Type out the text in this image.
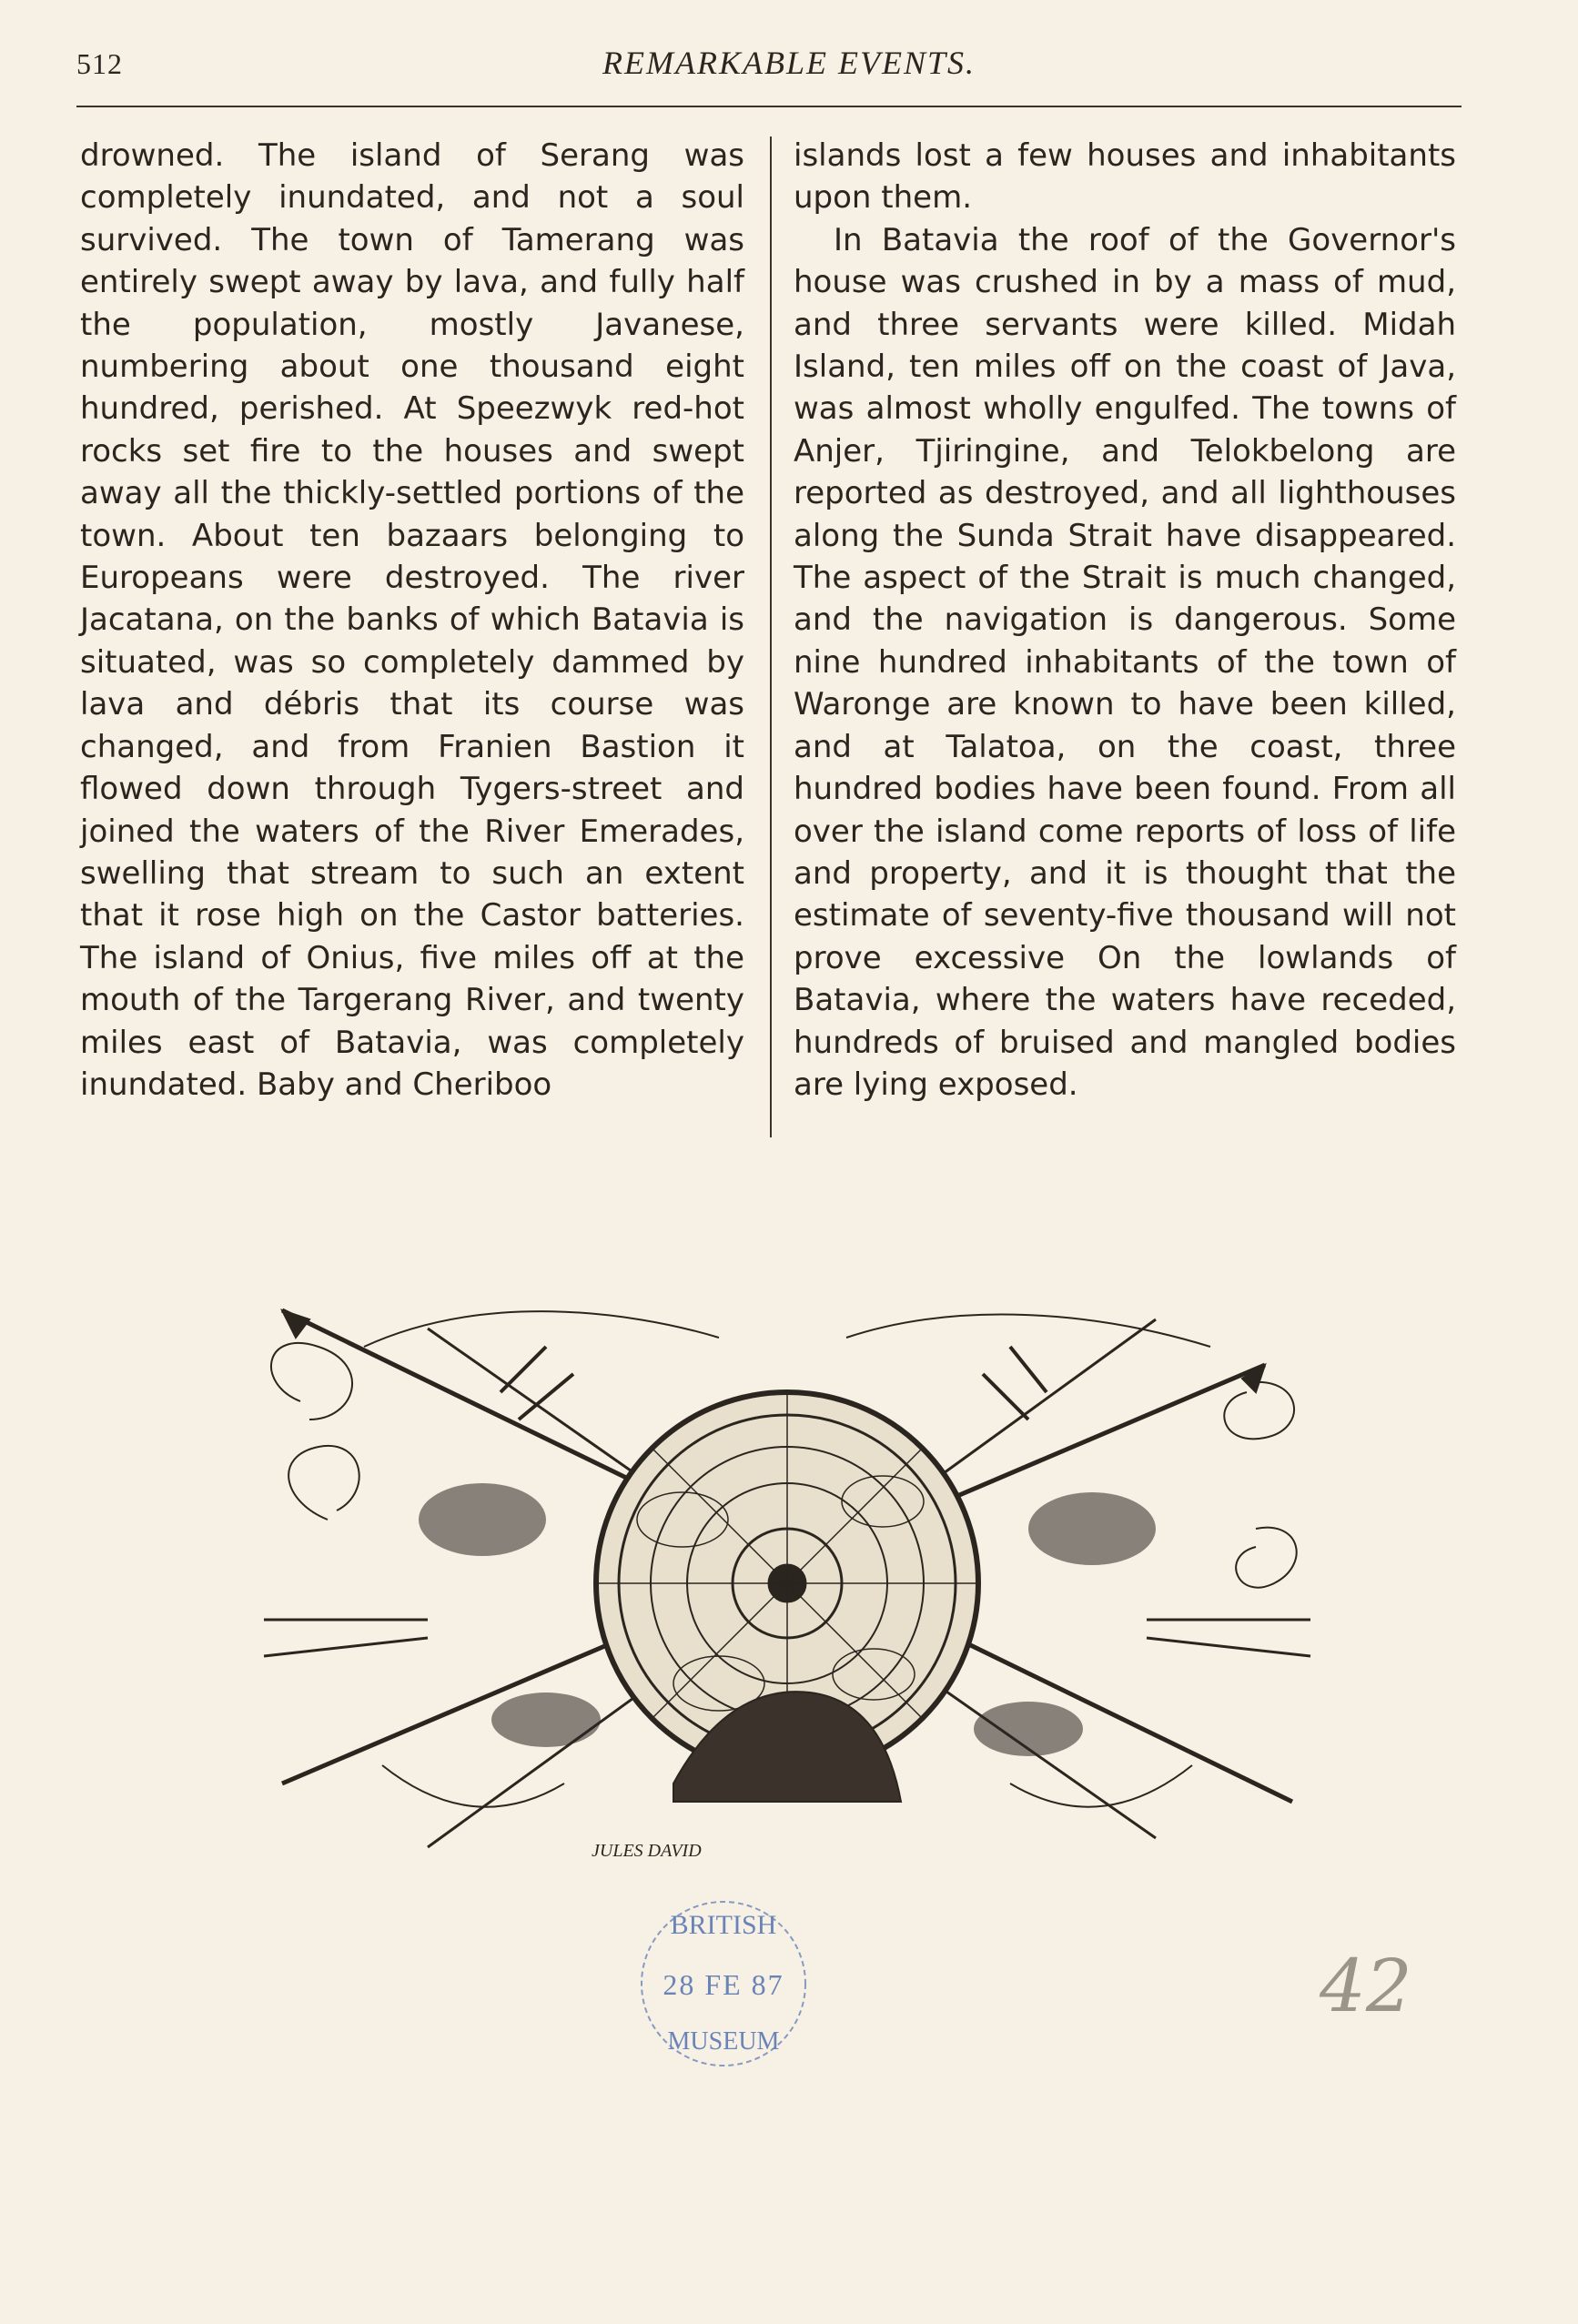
512	REMARKABLE EVENTS.

drowned. The island of Serang was completely inundated, and not a soul survived. The town of Tamerang was entirely swept away by lava, and fully half the population, mostly Javanese, numbering about one thousand eight hundred, perished. At Speezwyk red-hot rocks set fire to the houses and swept away all the thickly-settled portions of the town. About ten bazaars belonging to Europeans were destroyed. The river Jacatana, on the banks of which Batavia is situated, was so completely dammed by lava and débris that its course was changed, and from Franien Bastion it flowed down through Tygers-street and joined the waters of the River Emerades, swelling that stream to such an extent that it rose high on the Castor batteries. The island of Onius, five miles off at the mouth of the Targerang River, and twenty miles east of Batavia, was completely inundated. Baby and Cheriboo

islands lost a few houses and inhabitants upon them.

In Batavia the roof of the Governor's house was crushed in by a mass of mud, and three servants were killed. Midah Island, ten miles off on the coast of Java, was almost wholly engulfed. The towns of Anjer, Tjiringine, and Telokbelong are reported as destroyed, and all lighthouses along the Sunda Strait have disappeared. The aspect of the Strait is much changed, and the navigation is dangerous. Some nine hundred inhabitants of the town of Waronge are known to have been killed, and at Talatoa, on the coast, three hundred bodies have been found. From all over the island come reports of loss of life and property, and it is thought that the estimate of seventy-five thousand will not prove excessive On the lowlands of Batavia, where the waters have receded, hundreds of bruised and mangled bodies are lying exposed.

JULES DAVID
BRITISH
28 FE 87
MUSEUM
42
